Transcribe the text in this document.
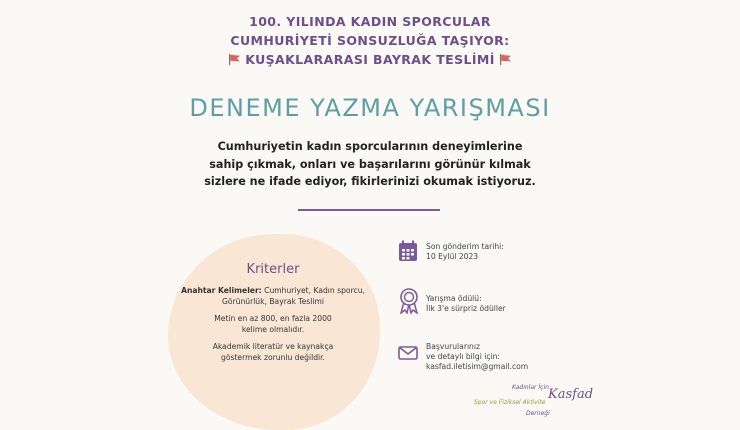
100. YILINDA KADIN SPORCULAR
CUMHURİYETİ SONSUZLUĞA TAŞIYOR:
KUŞAKLARARASI BAYRAK TESLİMİ
DENEME YAZMA YARIŞMASI
Cumhuriyetin kadın sporcularının deneyimlerine
sahip çıkmak, onları ve başarılarını görünür kılmak
sizlere ne ifade ediyor, fikirlerinizi okumak istiyoruz.
Kriterler

Anahtar Kelimeler: Cumhuriyet, Kadın sporcu,
Görünürlük, Bayrak Teslimi

Metin en az 800, en fazla 2000
kelime olmalıdır.

Akademik literatür ve kaynakça
göstermek zorunlu değildir.

Son gönderim tarihi:
10 Eylül 2023
Yarışma ödülü:
İlk 3'e sürpriz ödüller
Başvurularınız
ve detaylı bilgi için:
kasfad.iletisim@gmail.com
Kadınlar İçin
Spor ve Fiziksel Aktivite
Kasfad
Derneği
